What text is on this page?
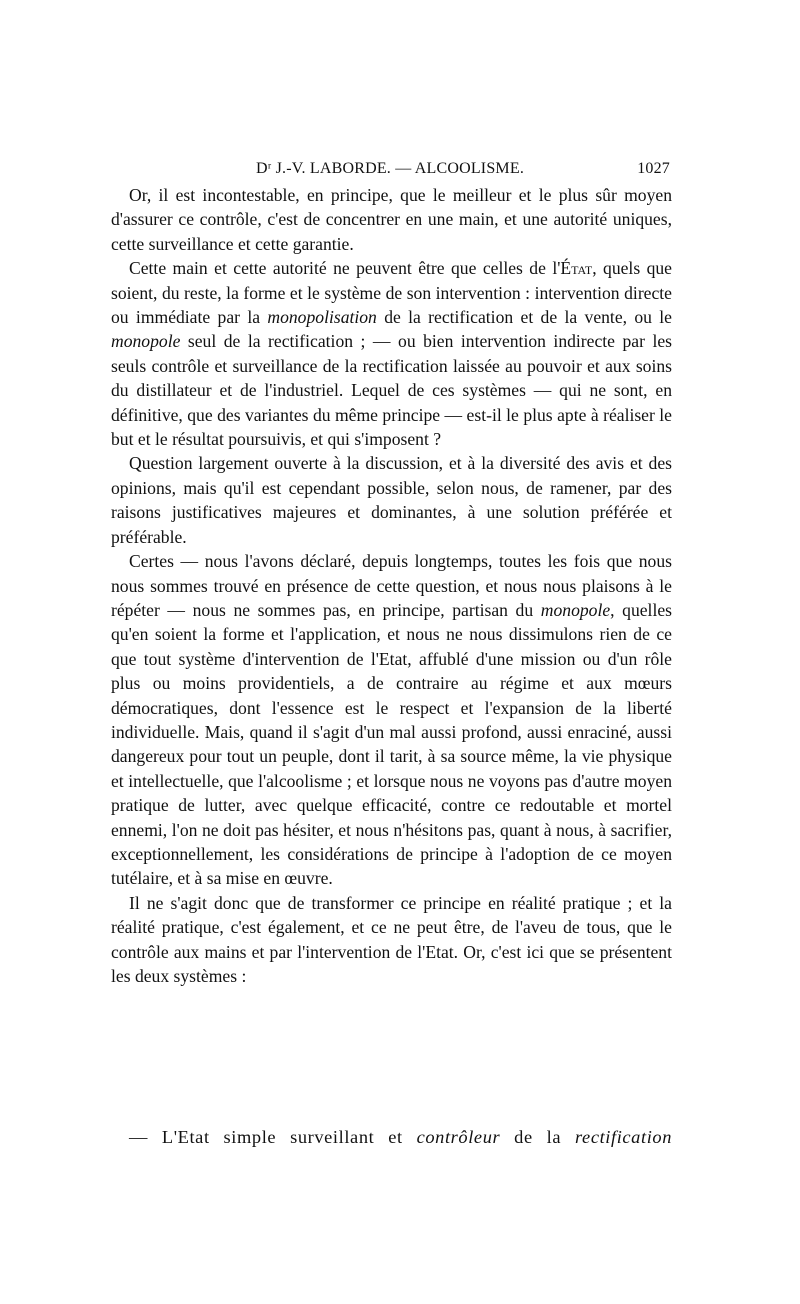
Dʳ J.-V. LABORDE. — ALCOOLISME.	1027

Or, il est incontestable, en principe, que le meilleur et le plus sûr moyen d'assurer ce contrôle, c'est de concentrer en une main, et une autorité uniques, cette surveillance et cette garantie.

Cette main et cette autorité ne peuvent être que celles de l'État, quels que soient, du reste, la forme et le système de son intervention : intervention directe ou immédiate par la monopolisation de la rectification et de la vente, ou le monopole seul de la rectification ; — ou bien intervention indirecte par les seuls contrôle et surveillance de la rectification laissée au pouvoir et aux soins du distillateur et de l'industriel. Lequel de ces systèmes — qui ne sont, en définitive, que des variantes du même principe — est-il le plus apte à réaliser le but et le résultat poursuivis, et qui s'imposent ?

Question largement ouverte à la discussion, et à la diversité des avis et des opinions, mais qu'il est cependant possible, selon nous, de ramener, par des raisons justificatives majeures et dominantes, à une solution préférée et préférable.

Certes — nous l'avons déclaré, depuis longtemps, toutes les fois que nous nous sommes trouvé en présence de cette question, et nous nous plaisons à le répéter — nous ne sommes pas, en principe, partisan du monopole, quelles qu'en soient la forme et l'application, et nous ne nous dissimulons rien de ce que tout système d'intervention de l'Etat, affublé d'une mission ou d'un rôle plus ou moins providentiels, a de contraire au régime et aux mœurs démocratiques, dont l'essence est le respect et l'expansion de la liberté individuelle. Mais, quand il s'agit d'un mal aussi profond, aussi enraciné, aussi dangereux pour tout un peuple, dont il tarit, à sa source même, la vie physique et intellectuelle, que l'alcoolisme ; et lorsque nous ne voyons pas d'autre moyen pratique de lutter, avec quelque efficacité, contre ce redoutable et mortel ennemi, l'on ne doit pas hésiter, et nous n'hésitons pas, quant à nous, à sacrifier, exceptionnellement, les considérations de principe à l'adoption de ce moyen tutélaire, et à sa mise en œuvre.

Il ne s'agit donc que de transformer ce principe en réalité pratique ; et la réalité pratique, c'est également, et ce ne peut être, de l'aveu de tous, que le contrôle aux mains et par l'intervention de l'Etat. Or, c'est ici que se présentent les deux systèmes :

— L'Etat simple surveillant et contrôleur de la rectification
